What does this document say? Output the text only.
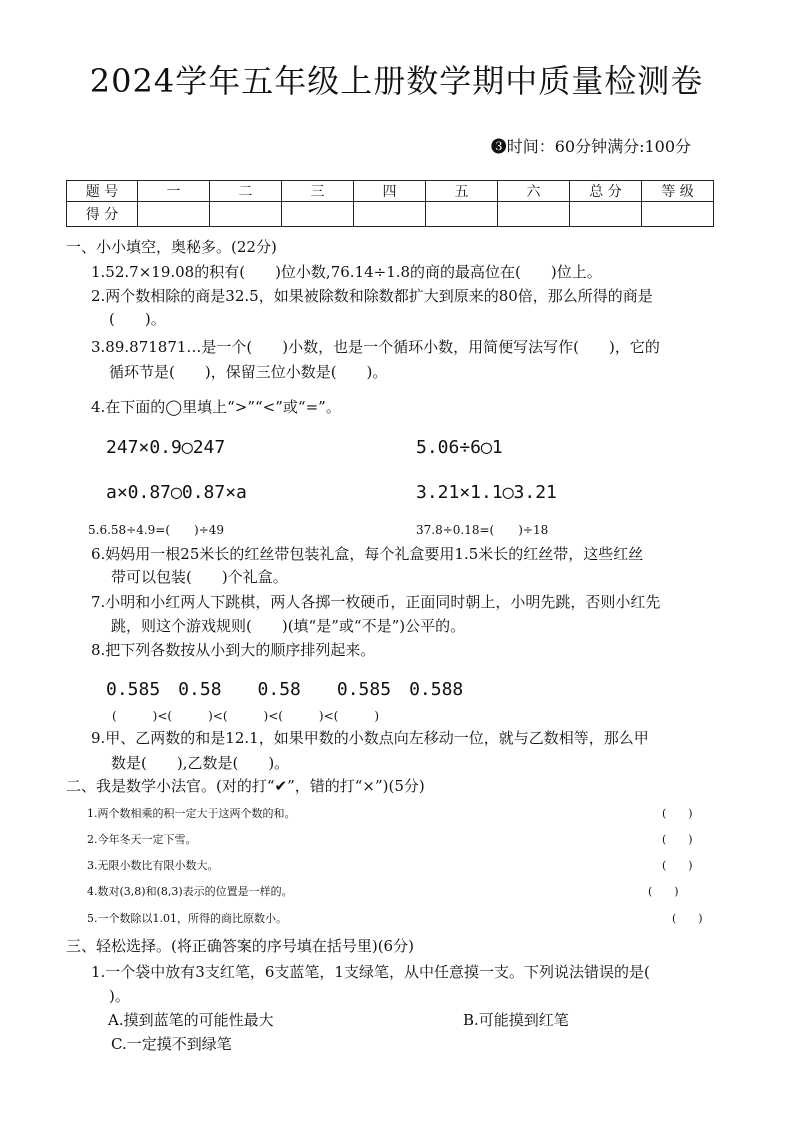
2024学年五年级上册数学期中质量检测卷
❸时间：60分钟满分:100分
题 号	一	二	三	四	五	六	总 分	等 级
得 分								
一、小小填空，奥秘多。(22分)
1.52.7×19.08的积有(　　)位小数,76.14÷1.8的商的最高位在(　　)位上。
2.两个数相除的商是32.5，如果被除数和除数都扩大到原来的80倍，那么所得的商是
(　　)。
3.89.871871…是一个(　　)小数，也是一个循环小数，用简便写法写作(　　)，它的
循环节是(　　)，保留三位小数是(　　)。
4.在下面的◯里填上“>”“<”或“=”。
247×0.9◯247	5.06÷6◯1
a×0.87◯0.87×a	3.21×1.1◯3.21
5.6.58÷4.9=(　　)÷49	37.8÷0.18=(　　)÷18
6.妈妈用一根25米长的红丝带包装礼盒，每个礼盒要用1.5米长的红丝带，这些红丝
带可以包装(　　)个礼盒。
7.小明和小红两人下跳棋，两人各掷一枚硬币，正面同时朝上，小明先跳，否则小红先
跳，则这个游戏规则(　　)(填“是”或“不是”)公平的。
8.把下列各数按从小到大的顺序排列起来。
0.585　0.58　　0.58　　0.585　0.588
(　　　)<(　　　)<(　　　)<(　　　)<(　　　)
9.甲、乙两数的和是12.1，如果甲数的小数点向左移动一位，就与乙数相等，那么甲
数是(　　),乙数是(　　)。
二、我是数学小法官。(对的打“✔”，错的打“×”)(5分)
1.两个数相乘的积一定大于这两个数的和。	(　　)
2.今年冬天一定下雪。	(　　)
3.无限小数比有限小数大。	(　　)
4.数对(3,8)和(8,3)表示的位置是一样的。	(　　)
5.一个数除以1.01，所得的商比原数小。	(　　)
三、轻松选择。(将正确答案的序号填在括号里)(6分)
1.一个袋中放有3支红笔，6支蓝笔，1支绿笔，从中任意摸一支。下列说法错误的是(
)。
A.摸到蓝笔的可能性最大	B.可能摸到红笔
C.一定摸不到绿笔
